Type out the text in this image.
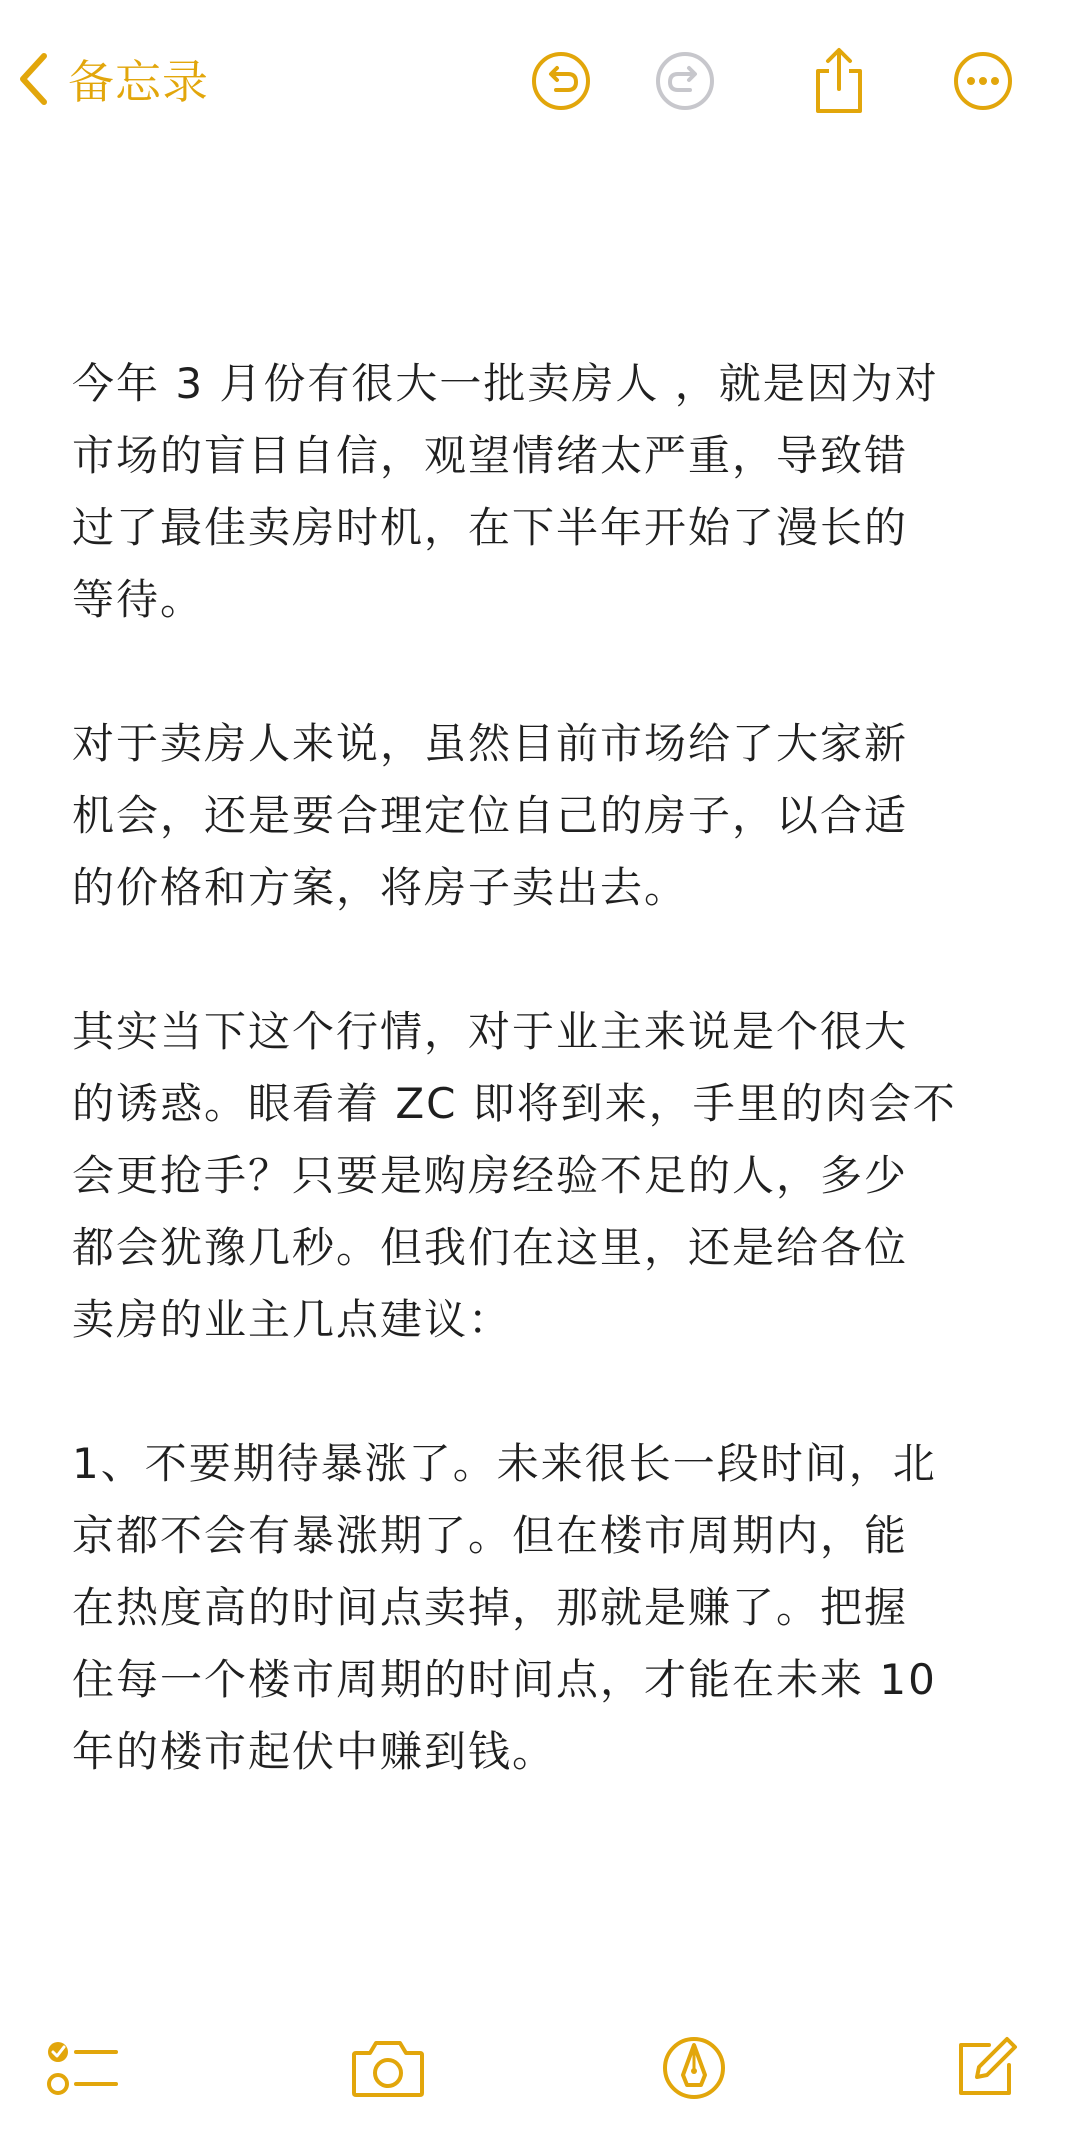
备忘录

今年 3 月份有很大一批卖房人 ，就是因为对
市场的盲目自信，观望情绪太严重，导致错
过了最佳卖房时机，在下半年开始了漫长的
等待。

对于卖房人来说，虽然目前市场给了大家新
机会，还是要合理定位自己的房子，以合适
的价格和方案，将房子卖出去。

其实当下这个行情，对于业主来说是个很大
的诱惑。眼看着 ZC 即将到来，手里的肉会不
会更抢手？只要是购房经验不足的人，多少
都会犹豫几秒。但我们在这里，还是给各位
卖房的业主几点建议：

1、不要期待暴涨了。未来很长一段时间，北
京都不会有暴涨期了。但在楼市周期内，能
在热度高的时间点卖掉，那就是赚了。把握
住每一个楼市周期的时间点，才能在未来 10
年的楼市起伏中赚到钱。
